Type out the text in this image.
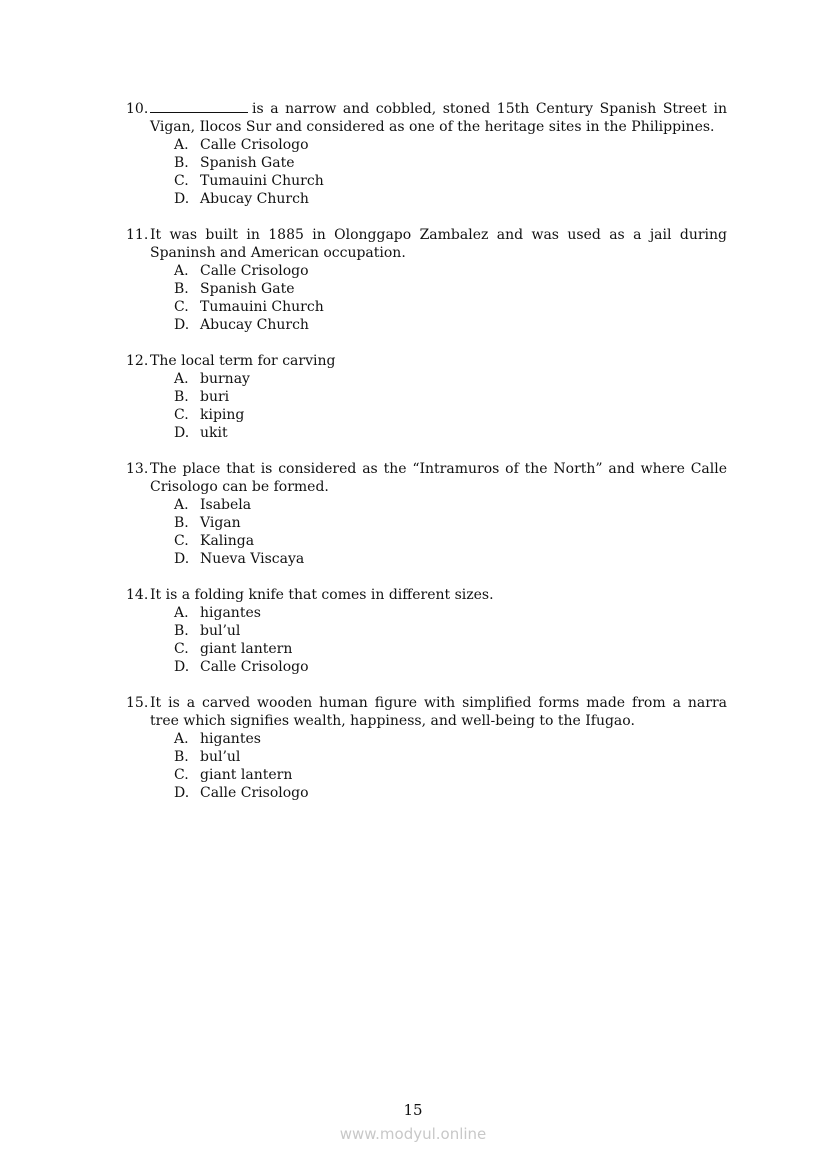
10.	is a narrow and cobbled, stoned 15th Century Spanish Street in Vigan, Ilocos Sur and considered as one of the heritage sites in the Philippines.
A. Calle Crisologo
B. Spanish Gate
C. Tumauini Church
D. Abucay Church
11. It was built in 1885 in Olonggapo Zambalez and was used as a jail during Spaninsh and American occupation.
A. Calle Crisologo
B. Spanish Gate
C. Tumauini Church
D. Abucay Church
12. The local term for carving
A. burnay
B. buri
C. kiping
D. ukit
13. The place that is considered as the “Intramuros of the North” and where Calle Crisologo can be formed.
A. Isabela
B. Vigan
C. Kalinga
D. Nueva Viscaya
14. It is a folding knife that comes in different sizes.
A. higantes
B. bul’ul
C. giant lantern
D. Calle Crisologo
15. It is a carved wooden human figure with simplified forms made from a narra tree which signifies wealth, happiness, and well-being to the Ifugao.
A. higantes
B. bul’ul
C. giant lantern
D. Calle Crisologo
15
www.modyul.online
